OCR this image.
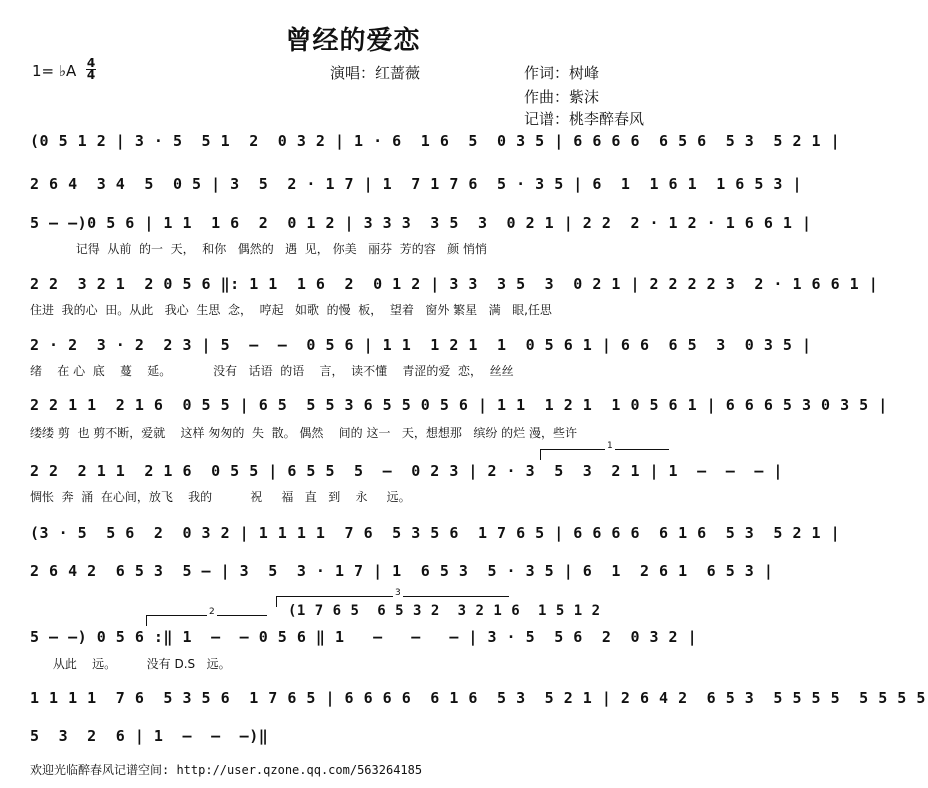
曾经的爱恋
1= ♭A 4
4	演唱：红蔷薇	作词：树峰
作曲：紫沫
记谱：桃李醉春风
(0 5 1 2 | 3 · 5  5 1  2  0 3 2 | 1 · 6  1 6  5  0 3 5 | 6 6 6 6  6 5 6  5 3  5 2 1 |
2 6 4  3 4  5  0 5 | 3  5  2 · 1 7 | 1  7 1 7 6  5 · 3 5 | 6  1  1 6 1  1 6 5 3 |
5 – –)0 5 6 | 1 1  1 6  2  0 1 2 | 3 3 3  3 5  3  0 2 1 | 2 2  2 · 1 2 · 1 6 6 1 |
记得  从前  的一  天，  和你   偶然的   遇  见， 你美   丽芬  芳的容   颜 悄悄
2 2  3 2 1  2 0 5 6 ‖: 1 1  1 6  2  0 1 2 | 3 3  3 5  3  0 2 1 | 2 2 2 2 3  2 · 1 6 6 1 |
住进  我的心  田。从此   我心  生思  念，  哼起   如歌  的慢  板，  望着   窗外 繁星   满   眼,任思
2 · 2  3 · 2  2 3 | 5  –  –  0 5 6 | 1 1  1 2 1  1  0 5 6 1 | 6 6  6 5  3  0 3 5 |
绪    在 心  底    蔓    延。           没有   话语  的语    言，  读不懂    青涩的爱  恋，  丝丝
2 2 1 1  2 1 6  0 5 5 | 6 5  5 5 3 6 5 5 0 5 6 | 1 1  1 2 1  1 0 5 6 1 | 6 6 6 5 3 0 3 5 |
缕缕 剪  也 剪不断，爱就    这样 匆匆的  失  散。 偶然    间的 这一   天，想想那   缤纷 的烂 漫，些许
1
2 2  2 1 1  2 1 6  0 5 5 | 6 5 5  5  –  0 2 3 | 2 · 3  5  3  2 1 | 1  –  –  – |
惆怅  奔  涌  在心间，放飞    我的          祝     福   直   到    永     远。
(3 · 5  5 6  2  0 3 2 | 1 1 1 1  7 6  5 3 5 6  1 7 6 5 | 6 6 6 6  6 1 6  5 3  5 2 1 |
2 6 4 2  6 5 3  5 – | 3  5  3 · 1 7 | 1  6 5 3  5 · 3 5 | 6  1  2 6 1  6 5 3 |
3
(1 7 6 5  6 5 3 2  3 2 1 6  1 5 1 2
2
5 – –) 0 5 6 :‖ 1  –  – 0 5 6 ‖ 1   –   –   – | 3 · 5  5 6  2  0 3 2 |
从此    远。        没有 D.S   远。
1 1 1 1  7 6  5 3 5 6  1 7 6 5 | 6 6 6 6  6 1 6  5 3  5 2 1 | 2 6 4 2  6 5 3  5 5 5 5  5 5 5 5
5  3  2  6 | 1  –  –  –)‖
欢迎光临醉春风记谱空间: http://user.qzone.qq.com/563264185
